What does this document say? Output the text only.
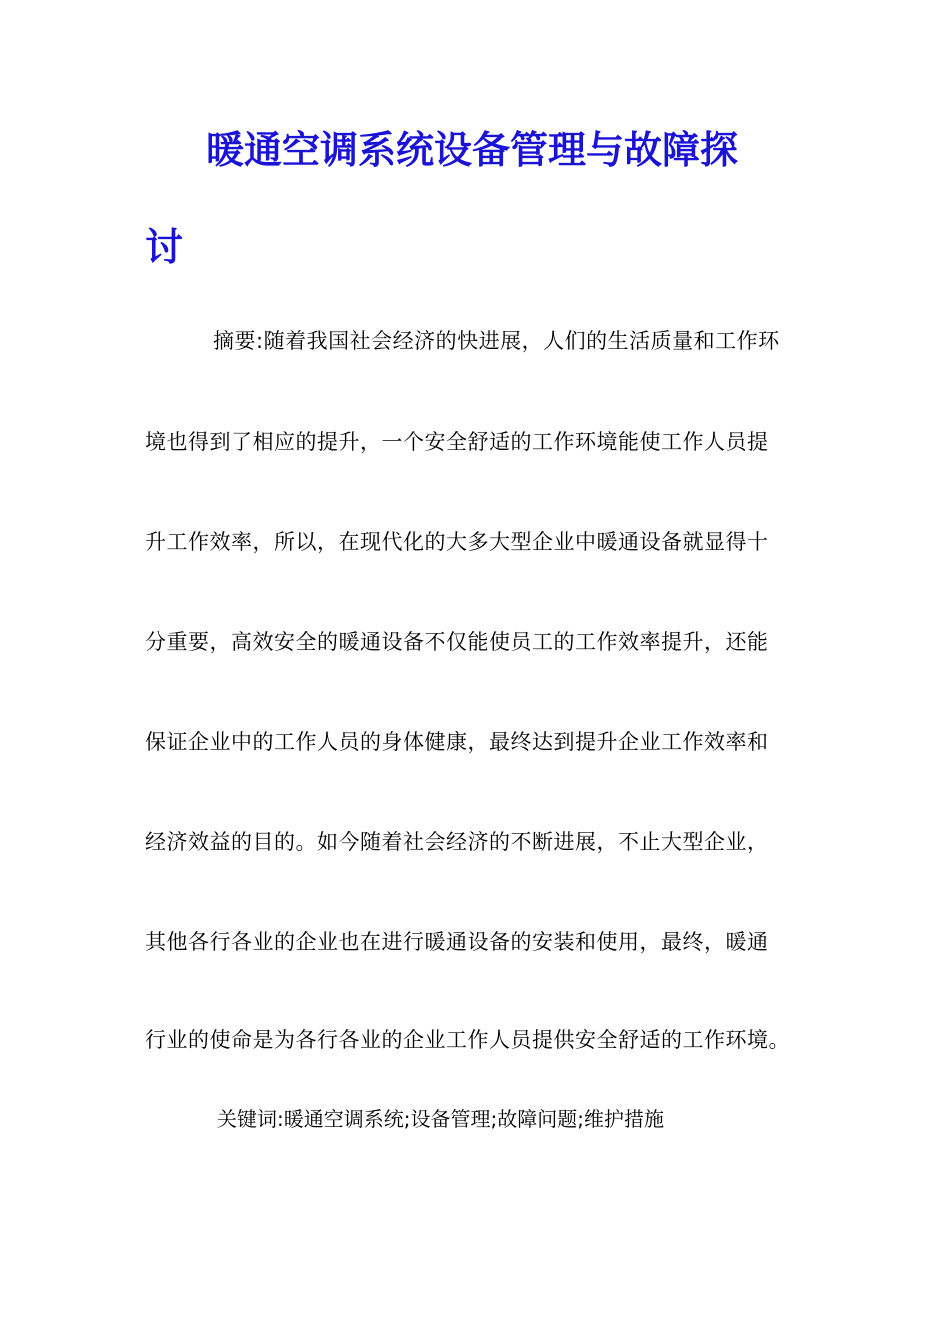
暖通空调系统设备管理与故障探
讨
摘要:随着我国社会经济的快进展，人们的生活质量和工作环
境也得到了相应的提升，一个安全舒适的工作环境能使工作人员提
升工作效率，所以，在现代化的大多大型企业中暖通设备就显得十
分重要，高效安全的暖通设备不仅能使员工的工作效率提升，还能
保证企业中的工作人员的身体健康，最终达到提升企业工作效率和
经济效益的目的。如今随着社会经济的不断进展，不止大型企业，
其他各行各业的企业也在进行暖通设备的安装和使用，最终，暖通
行业的使命是为各行各业的企业工作人员提供安全舒适的工作环境。
关键词:暖通空调系统;设备管理;故障问题;维护措施
